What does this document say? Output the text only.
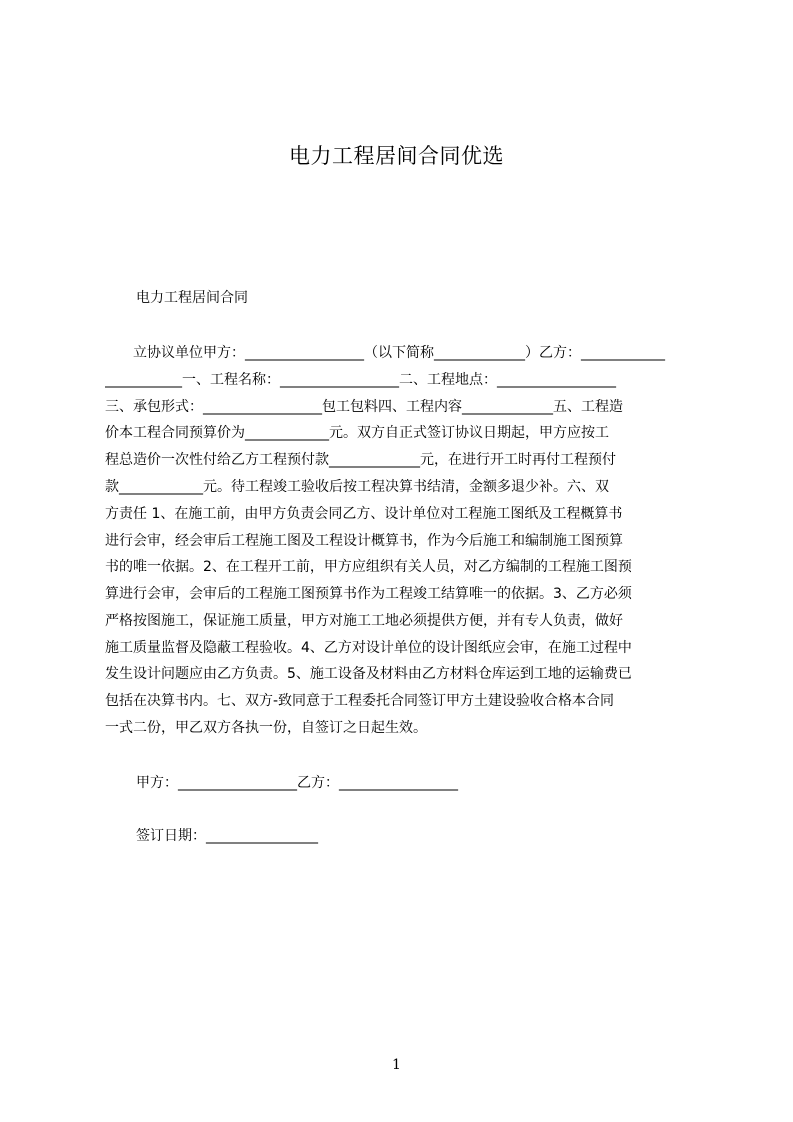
电力工程居间合同优选
电力工程居间合同
　　立协议单位甲方：_________________（以下简称_____________）乙方：____________
___________一、工程名称：_________________二、工程地点：_________________
三、承包形式：_________________包工包料四、工程内容_____________五、工程造
价本工程合同预算价为____________元。双方自正式签订协议日期起，甲方应按工
程总造价一次性付给乙方工程预付款_____________元，在进行开工时再付工程预付
款____________元。待工程竣工验收后按工程决算书结清，金额多退少补。六、双
方责任 1、在施工前，由甲方负责会同乙方、设计单位对工程施工图纸及工程概算书
进行会审，经会审后工程施工图及工程设计概算书，作为今后施工和编制施工图预算
书的唯一依据。2、在工程开工前，甲方应组织有关人员，对乙方编制的工程施工图预
算进行会审，会审后的工程施工图预算书作为工程竣工结算唯一的依据。3、乙方必须
严格按图施工，保证施工质量，甲方对施工工地必须提供方便，并有专人负责，做好
施工质量监督及隐蔽工程验收。4、乙方对设计单位的设计图纸应会审，在施工过程中
发生设计问题应由乙方负责。5、施工设备及材料由乙方材料仓库运到工地的运输费已
包括在决算书内。七、双方-致同意于工程委托合同签订甲方土建设验收合格本合同
一式二份，甲乙双方各执一份，自签订之日起生效。
甲方：_________________乙方：_________________
签订日期：________________
1
